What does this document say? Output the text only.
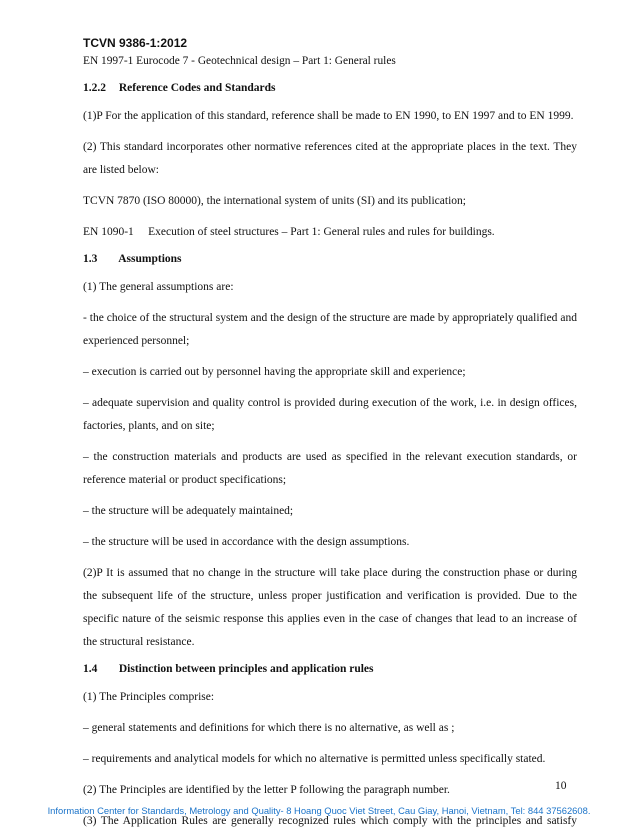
TCVN 9386-1:2012
EN 1997-1 Eurocode 7 - Geotechnical design – Part 1: General rules
1.2.2 Reference Codes and Standards

(1)P For the application of this standard, reference shall be made to EN 1990, to EN 1997 and to EN 1999.

(2) This standard incorporates other normative references cited at the appropriate places in the text. They are listed below:

TCVN 7870 (ISO 80000), the international system of units (SI) and its publication;

EN 1090-1     Execution of steel structures – Part 1: General rules and rules for buildings.

1.3 Assumptions

(1) The general assumptions are:

- the choice of the structural system and the design of the structure are made by appropriately qualified and experienced personnel;

– execution is carried out by personnel having the appropriate skill and experience;

– adequate supervision and quality control is provided during execution of the work, i.e. in design offices, factories, plants, and on site;

– the construction materials and products are used as specified in the relevant execution standards, or reference material or product specifications;

– the structure will be adequately maintained;

– the structure will be used in accordance with the design assumptions.

(2)P It is assumed that no change in the structure will take place during the construction phase or during the subsequent life of the structure, unless proper justification and verification is provided. Due to the specific nature of the seismic response this applies even in the case of changes that lead to an increase of the structural resistance.

1.4 Distinction between principles and application rules

(1) The Principles comprise:

– general statements and definitions for which there is no alternative, as well as ;

– requirements and analytical models for which no alternative is permitted unless specifically stated.

(2) The Principles are identified by the letter P following the paragraph number.

(3) The Application Rules are generally recognized rules which comply with the principles and satisfy

10
Information Center for Standards, Metrology and Quality- 8 Hoang Quoc Viet Street, Cau Giay, Hanoi, Vietnam, Tel: 844 37562608.
